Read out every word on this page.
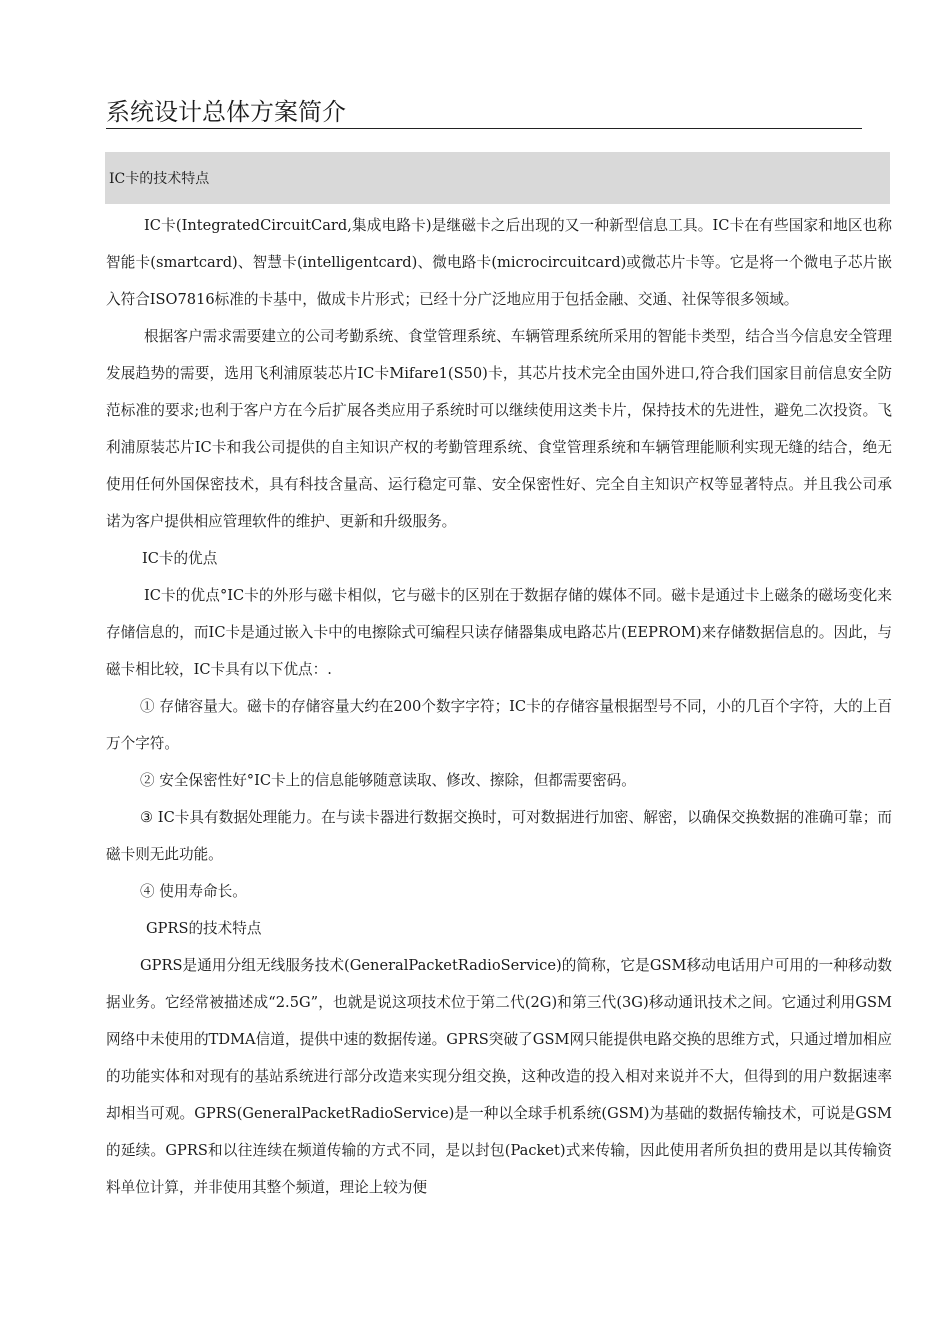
系统设计总体方案简介
IC卡的技术特点

IC卡(IntegratedCircuitCard,集成电路卡)是继磁卡之后出现的又一种新型信息工具。IC卡在有些国家和地区也称智能卡(smartcard)、智慧卡(intelligentcard)、微电路卡(microcircuitcard)或微芯片卡等。它是将一个微电子芯片嵌入符合ISO7816标准的卡基中，做成卡片形式；已经十分广泛地应用于包括金融、交通、社保等很多领域。

根据客户需求需要建立的公司考勤系统、食堂管理系统、车辆管理系统所采用的智能卡类型，结合当今信息安全管理发展趋势的需要，选用飞利浦原装芯片IC卡Mifare1(S50)卡，其芯片技术完全由国外进口,符合我们国家目前信息安全防范标准的要求;也利于客户方在今后扩展各类应用子系统时可以继续使用这类卡片，保持技术的先进性，避免二次投资。飞利浦原装芯片IC卡和我公司提供的自主知识产权的考勤管理系统、食堂管理系统和车辆管理能顺利实现无缝的结合，绝无使用任何外国保密技术，具有科技含量高、运行稳定可靠、安全保密性好、完全自主知识产权等显著特点。并且我公司承诺为客户提供相应管理软件的维护、更新和升级服务。

IC卡的优点

IC卡的优点°IC卡的外形与磁卡相似，它与磁卡的区别在于数据存储的媒体不同。磁卡是通过卡上磁条的磁场变化来存储信息的，而IC卡是通过嵌入卡中的电擦除式可编程只读存储器集成电路芯片(EEPROM)来存储数据信息的。因此，与磁卡相比较，IC卡具有以下优点：.

① 存储容量大。磁卡的存储容量大约在200个数字字符；IC卡的存储容量根据型号不同，小的几百个字符，大的上百万个字符。

② 安全保密性好°IC卡上的信息能够随意读取、修改、擦除，但都需要密码。

③ IC卡具有数据处理能力。在与读卡器进行数据交换时，可对数据进行加密、解密，以确保交换数据的准确可靠；而磁卡则无此功能。

④ 使用寿命长。

GPRS的技术特点

GPRS是通用分组无线服务技术(GeneralPacketRadioService)的简称，它是GSM移动电话用户可用的一种移动数据业务。它经常被描述成“2.5G”，也就是说这项技术位于第二代(2G)和第三代(3G)移动通讯技术之间。它通过利用GSM网络中未使用的TDMA信道，提供中速的数据传递。GPRS突破了GSM网只能提供电路交换的思维方式，只通过增加相应的功能实体和对现有的基站系统进行部分改造来实现分组交换，这种改造的投入相对来说并不大，但得到的用户数据速率却相当可观。GPRS(GeneralPacketRadioService)是一种以全球手机系统(GSM)为基础的数据传输技术，可说是GSM的延续。GPRS和以往连续在频道传输的方式不同，是以封包(Packet)式来传输，因此使用者所负担的费用是以其传输资料单位计算，并非使用其整个频道，理论上较为便
